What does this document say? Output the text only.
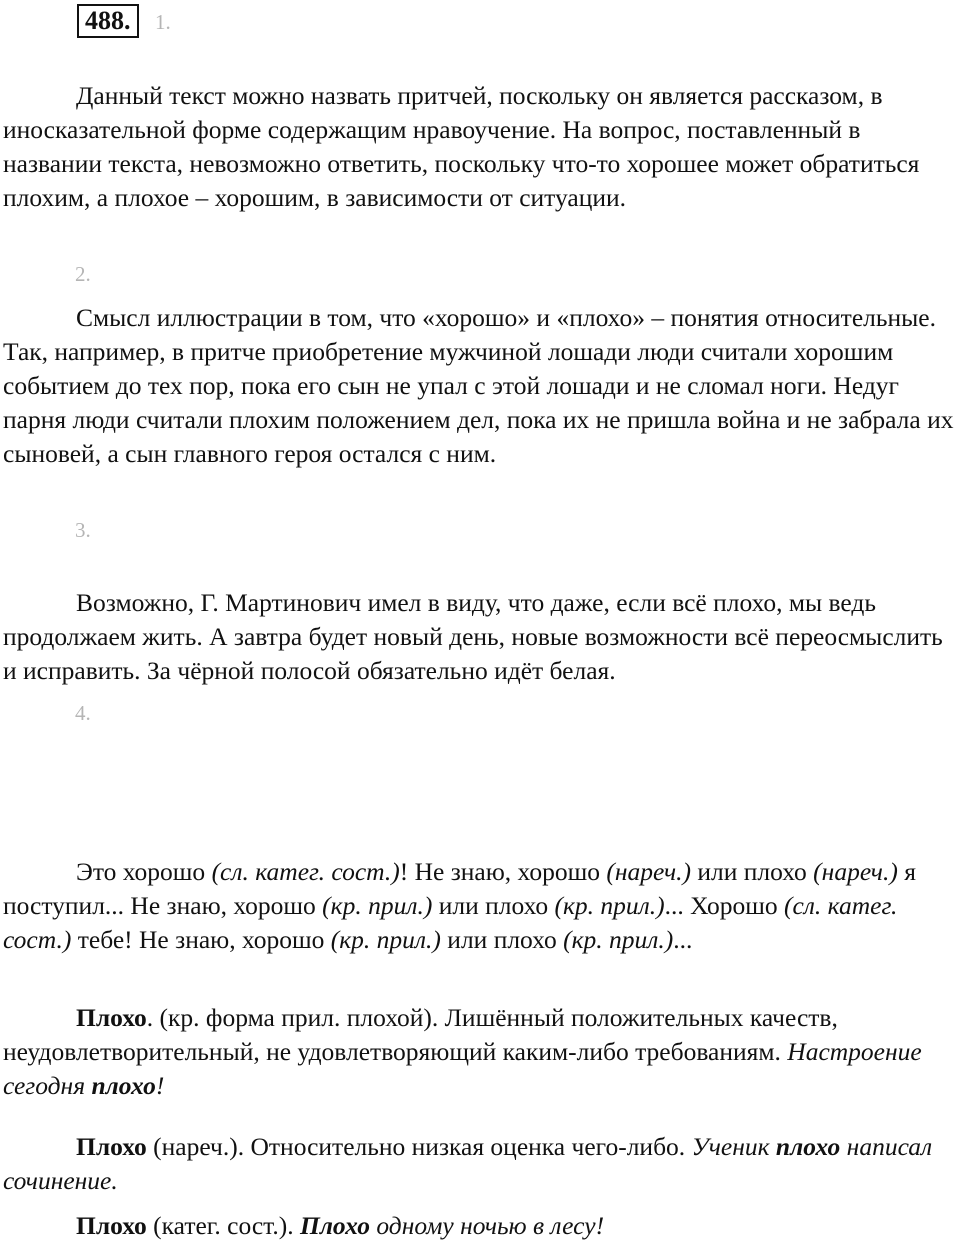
488.	1.

Данный текст можно назвать притчей, поскольку он является рассказом, в иносказательной форме содержащим нравоучение. На вопрос, поставленный в названии текста, невозможно ответить, поскольку что-то хорошее может обратиться плохим, а плохое – хорошим, в зависимости от ситуации.

2.

Смысл иллюстрации в том, что «хорошо» и «плохо» – понятия относительные. Так, например, в притче приобретение мужчиной лошади люди считали хорошим событием до тех пор, пока его сын не упал с этой лошади и не сломал ноги. Недуг парня люди считали плохим положением дел, пока их не пришла война и не забрала их сыновей, а сын главного героя остался с ним.

3.

Возможно, Г. Мартинович имел в виду, что даже, если всё плохо, мы ведь продолжаем жить. А завтра будет новый день, новые возможности всё переосмыслить и исправить. За чёрной полосой обязательно идёт белая.

4.

Это хорошо (сл. катег. сост.)! Не знаю, хорошо (нареч.) или плохо (нареч.) я поступил... Не знаю, хорошо (кр. прил.) или плохо (кр. прил.)... Хорошо (сл. катег. сост.) тебе! Не знаю, хорошо (кр. прил.) или плохо (кр. прил.)...

Плохо. (кр. форма прил. плохой). Лишённый положительных качеств, неудовлетворительный, не удовлетворяющий каким-либо требованиям. Настроение сегодня плохо!

Плохо (нареч.). Относительно низкая оценка чего-либо. Ученик плохо написал сочинение.

Плохо (катег. сост.). Плохо одному ночью в лесу!
